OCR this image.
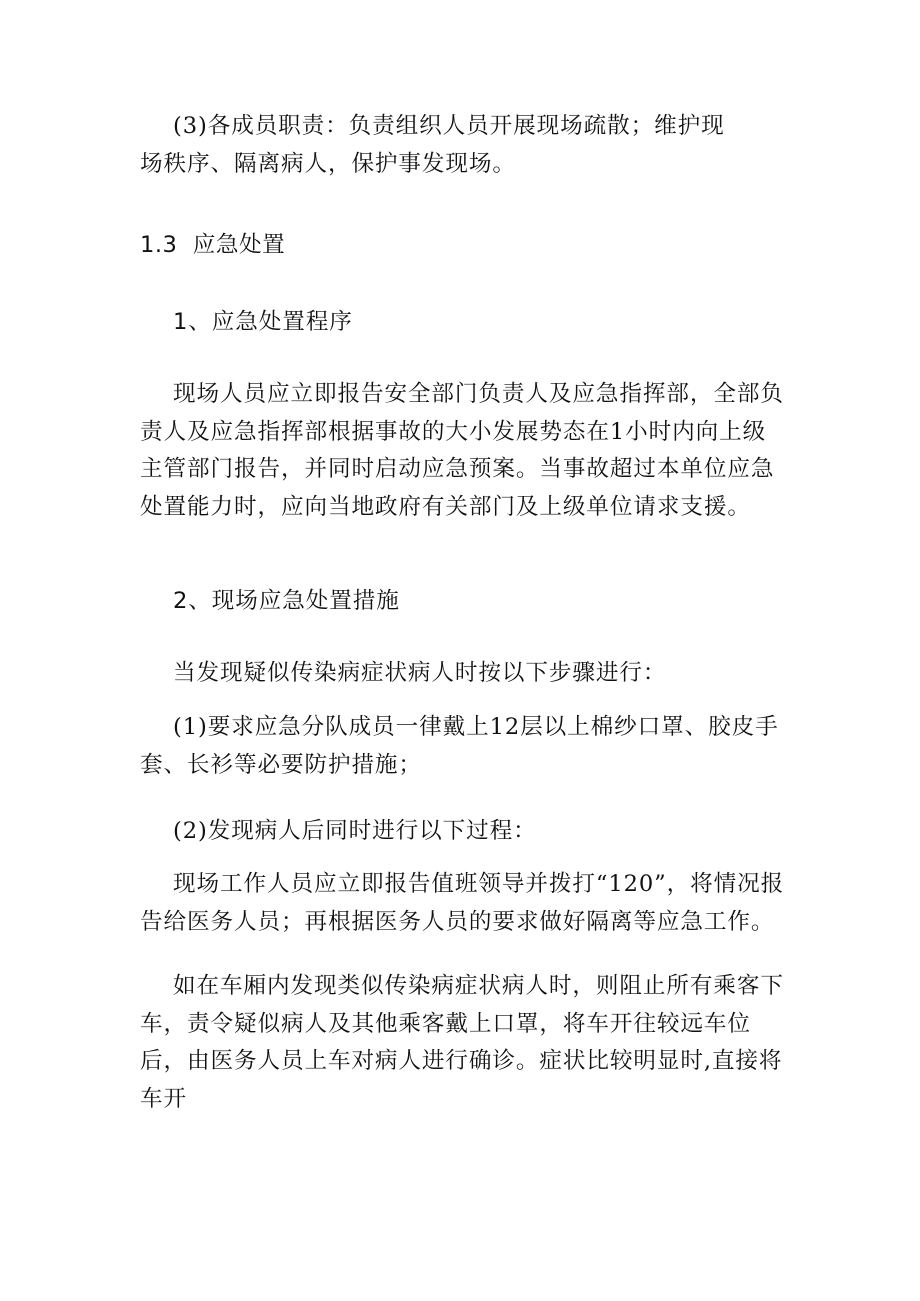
(3)各成员职责：负责组织人员开展现场疏散；维护现场秩序、隔离病人，保护事发现场。

1.3  应急处置

1、应急处置程序

现场人员应立即报告安全部门负责人及应急指挥部，全部负责人及应急指挥部根据事故的大小发展势态在1小时内向上级主管部门报告，并同时启动应急预案。当事故超过本单位应急处置能力时，应向当地政府有关部门及上级单位请求支援。

2、现场应急处置措施

当发现疑似传染病症状病人时按以下步骤进行：

(1)要求应急分队成员一律戴上12层以上棉纱口罩、胶皮手套、长衫等必要防护措施；

(2)发现病人后同时进行以下过程：

现场工作人员应立即报告值班领导并拨打“120”，将情况报告给医务人员；再根据医务人员的要求做好隔离等应急工作。

如在车厢内发现类似传染病症状病人时，则阻止所有乘客下车，责令疑似病人及其他乘客戴上口罩，将车开往较远车位后，由医务人员上车对病人进行确诊。症状比较明显时,直接将车开
